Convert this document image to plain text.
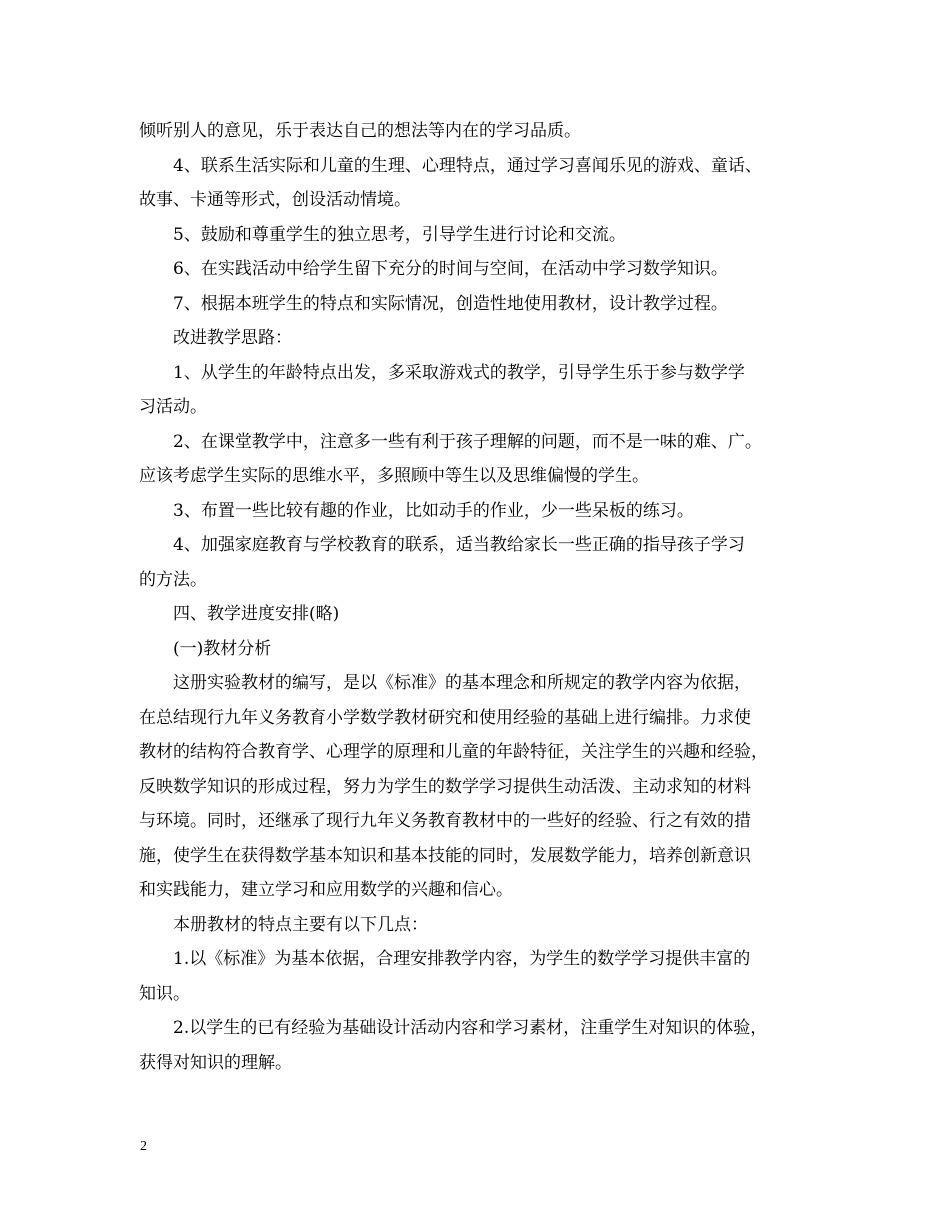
倾听别人的意见，乐于表达自己的想法等内在的学习品质。
4、联系生活实际和儿童的生理、心理特点，通过学习喜闻乐见的游戏、童话、
故事、卡通等形式，创设活动情境。
5、鼓励和尊重学生的独立思考，引导学生进行讨论和交流。
6、在实践活动中给学生留下充分的时间与空间，在活动中学习数学知识。
7、根据本班学生的特点和实际情况，创造性地使用教材，设计教学过程。
改进教学思路：
1、从学生的年龄特点出发，多采取游戏式的教学，引导学生乐于参与数学学
习活动。
2、在课堂教学中，注意多一些有利于孩子理解的问题，而不是一味的难、广。
应该考虑学生实际的思维水平，多照顾中等生以及思维偏慢的学生。
3、布置一些比较有趣的作业，比如动手的作业，少一些呆板的练习。
4、加强家庭教育与学校教育的联系，适当教给家长一些正确的指导孩子学习
的方法。
四、教学进度安排(略)
(一)教材分析
这册实验教材的编写，是以《标准》的基本理念和所规定的教学内容为依据，
在总结现行九年义务教育小学数学教材研究和使用经验的基础上进行编排。力求使
教材的结构符合教育学、心理学的原理和儿童的年龄特征，关注学生的兴趣和经验，
反映数学知识的形成过程，努力为学生的数学学习提供生动活泼、主动求知的材料
与环境。同时，还继承了现行九年义务教育教材中的一些好的经验、行之有效的措
施，使学生在获得数学基本知识和基本技能的同时，发展数学能力，培养创新意识
和实践能力，建立学习和应用数学的兴趣和信心。
本册教材的特点主要有以下几点：
1.以《标准》为基本依据，合理安排教学内容，为学生的数学学习提供丰富的
知识。
2.以学生的已有经验为基础设计活动内容和学习素材，注重学生对知识的体验，
获得对知识的理解。
2
